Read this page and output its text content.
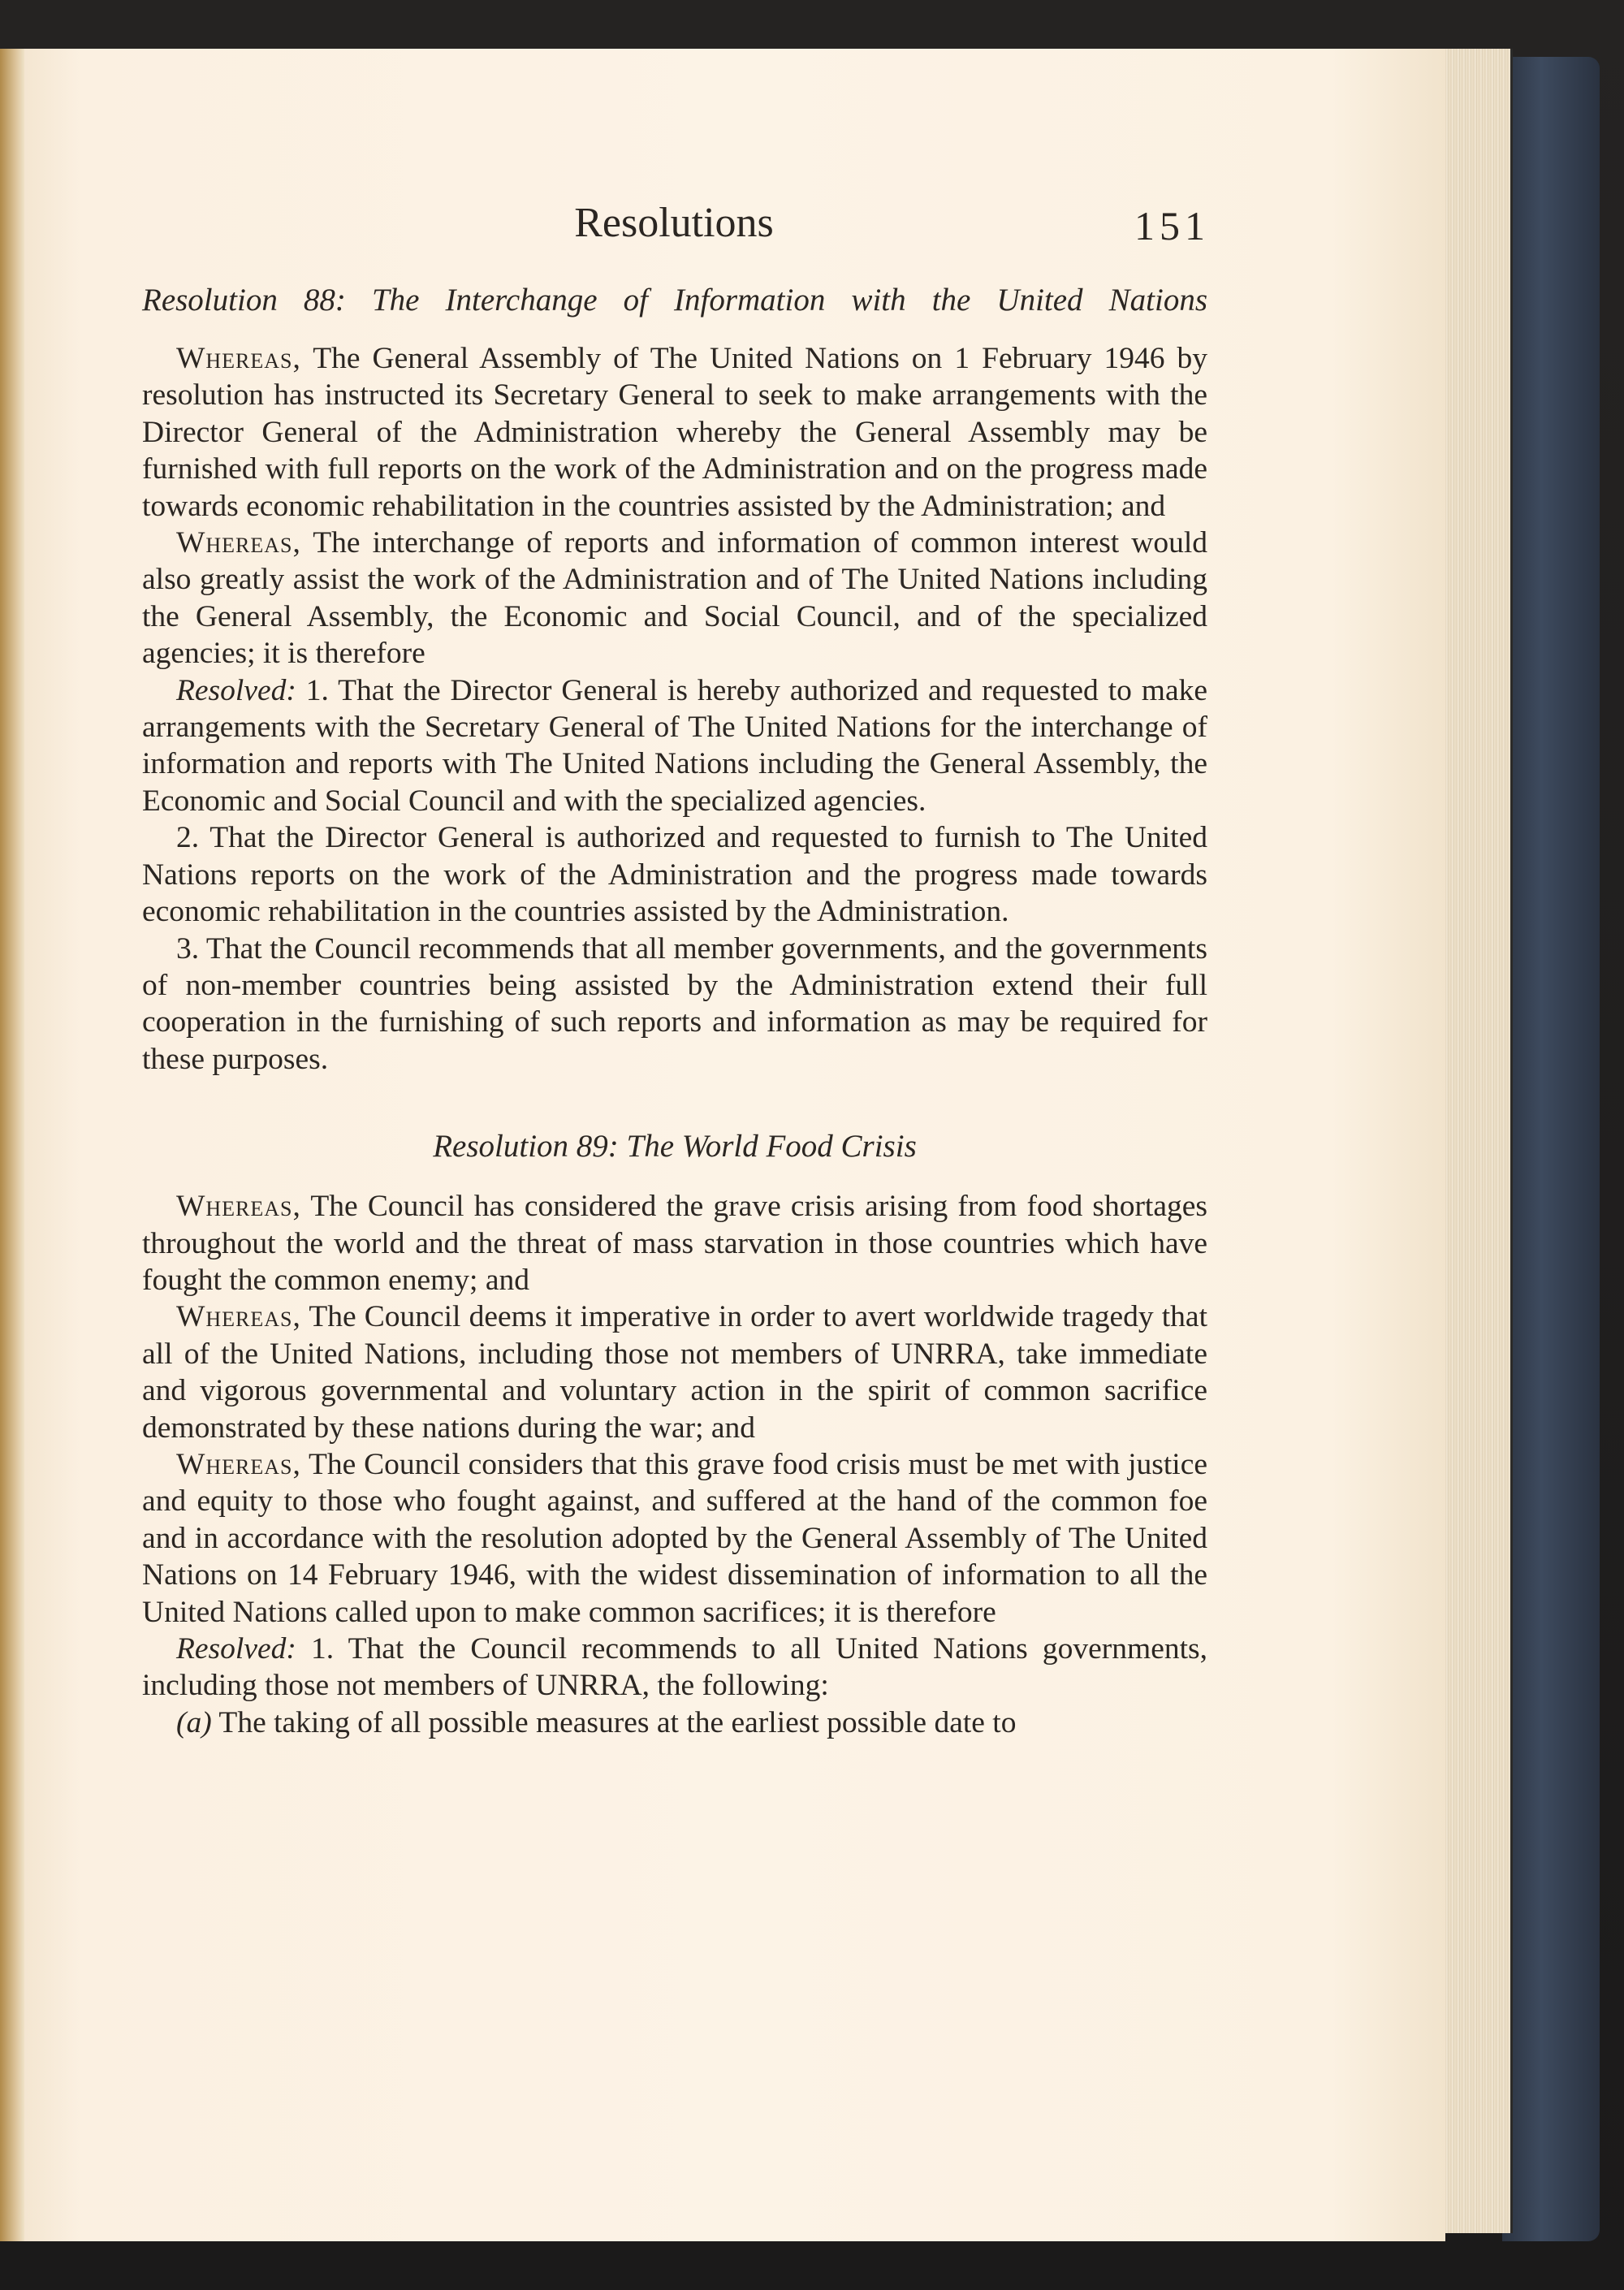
Resolutions	151
Resolution 88: The Interchange of Information with the United Nations

Whereas, The General Assembly of The United Nations on 1 February 1946 by resolution has instructed its Secretary General to seek to make arrangements with the Director General of the Administration whereby the General Assembly may be furnished with full reports on the work of the Administration and on the progress made towards economic rehabilitation in the countries assisted by the Administration; and

Whereas, The interchange of reports and information of common interest would also greatly assist the work of the Administration and of The United Nations including the General Assembly, the Economic and Social Council, and of the specialized agencies; it is therefore

Resolved: 1. That the Director General is hereby authorized and requested to make arrangements with the Secretary General of The United Nations for the interchange of information and reports with The United Nations including the General Assembly, the Economic and Social Council and with the specialized agencies.

2. That the Director General is authorized and requested to furnish to The United Nations reports on the work of the Administration and the progress made towards economic rehabilitation in the countries assisted by the Administration.

3. That the Council recommends that all member governments, and the governments of non-member countries being assisted by the Administration extend their full cooperation in the furnishing of such reports and information as may be required for these purposes.

Resolution 89: The World Food Crisis

Whereas, The Council has considered the grave crisis arising from food shortages throughout the world and the threat of mass starvation in those countries which have fought the common enemy; and

Whereas, The Council deems it imperative in order to avert worldwide tragedy that all of the United Nations, including those not members of UNRRA, take immediate and vigorous governmental and voluntary action in the spirit of common sacrifice demonstrated by these nations during the war; and

Whereas, The Council considers that this grave food crisis must be met with justice and equity to those who fought against, and suffered at the hand of the common foe and in accordance with the resolution adopted by the General Assembly of The United Nations on 14 February 1946, with the widest dissemination of information to all the United Nations called upon to make common sacrifices; it is therefore

Resolved: 1. That the Council recommends to all United Nations governments, including those not members of UNRRA, the following:

(a) The taking of all possible measures at the earliest possible date to
